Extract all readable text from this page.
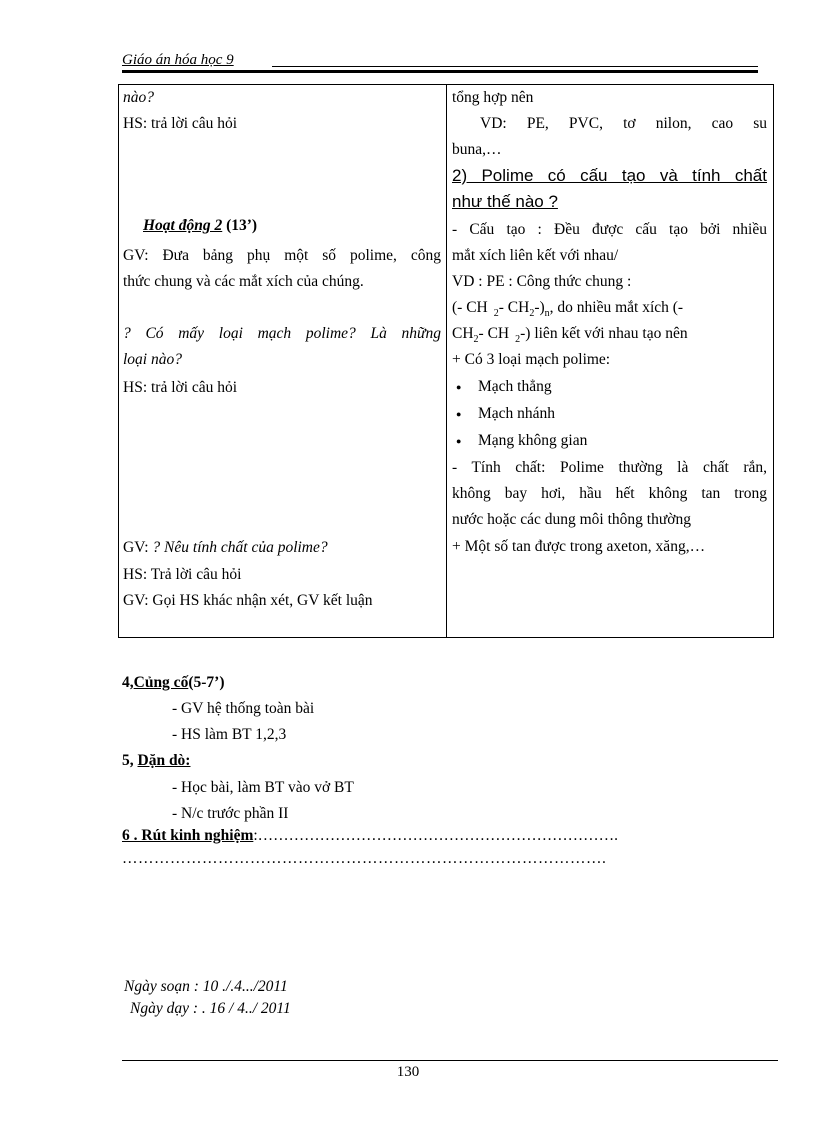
Giáo án hóa học 9
nào?
HS: trả lời câu hỏi
Hoạt động 2 (13’)
GV: Đưa bảng phụ một số polime, công
thức chung và các mắt xích của chúng.
? Có mấy loại mạch polime? Là những
loại nào?
HS: trả lời câu hỏi
GV: ? Nêu tính chất của polime?
HS: Trả lời câu hỏi
GV: Gọi HS khác nhận xét, GV kết luận
tổng hợp nên
VD: PE, PVC, tơ nilon, cao su
buna,…
2) Polime có cấu tạo và tính chất
như thế nào ?
- Cấu tạo : Đều được cấu tạo bởi nhiều
mắt xích liên kết với nhau/
VD : PE : Công thức chung :
(- CH $_2$- $CH_2-)_n$, do nhiều mắt xích (-
$CH_2-$ CH $_2$-) liên kết với nhau tạo nên
+ Có 3 loại mạch polime:
● Mạch thẳng
● Mạch nhánh
● Mạng không gian
- Tính chất: Polime thường là chất rắn,
không bay hơi, hầu hết không tan trong
nước hoặc các dung môi thông thường
+ Một số tan được trong axeton, xăng,…
4,Củng cố(5-7’)
- GV hệ thống toàn bài
- HS làm BT 1,2,3
5, Dặn dò:
- Học bài, làm BT vào vở BT
- N/c trước phần II
6 . Rút kinh nghiệm:…………………………………………………………….
……………………………………………………………………………….
Ngày soạn : 10 ./.4.../2011
Ngày dạy : . 16 / 4../ 2011
130
